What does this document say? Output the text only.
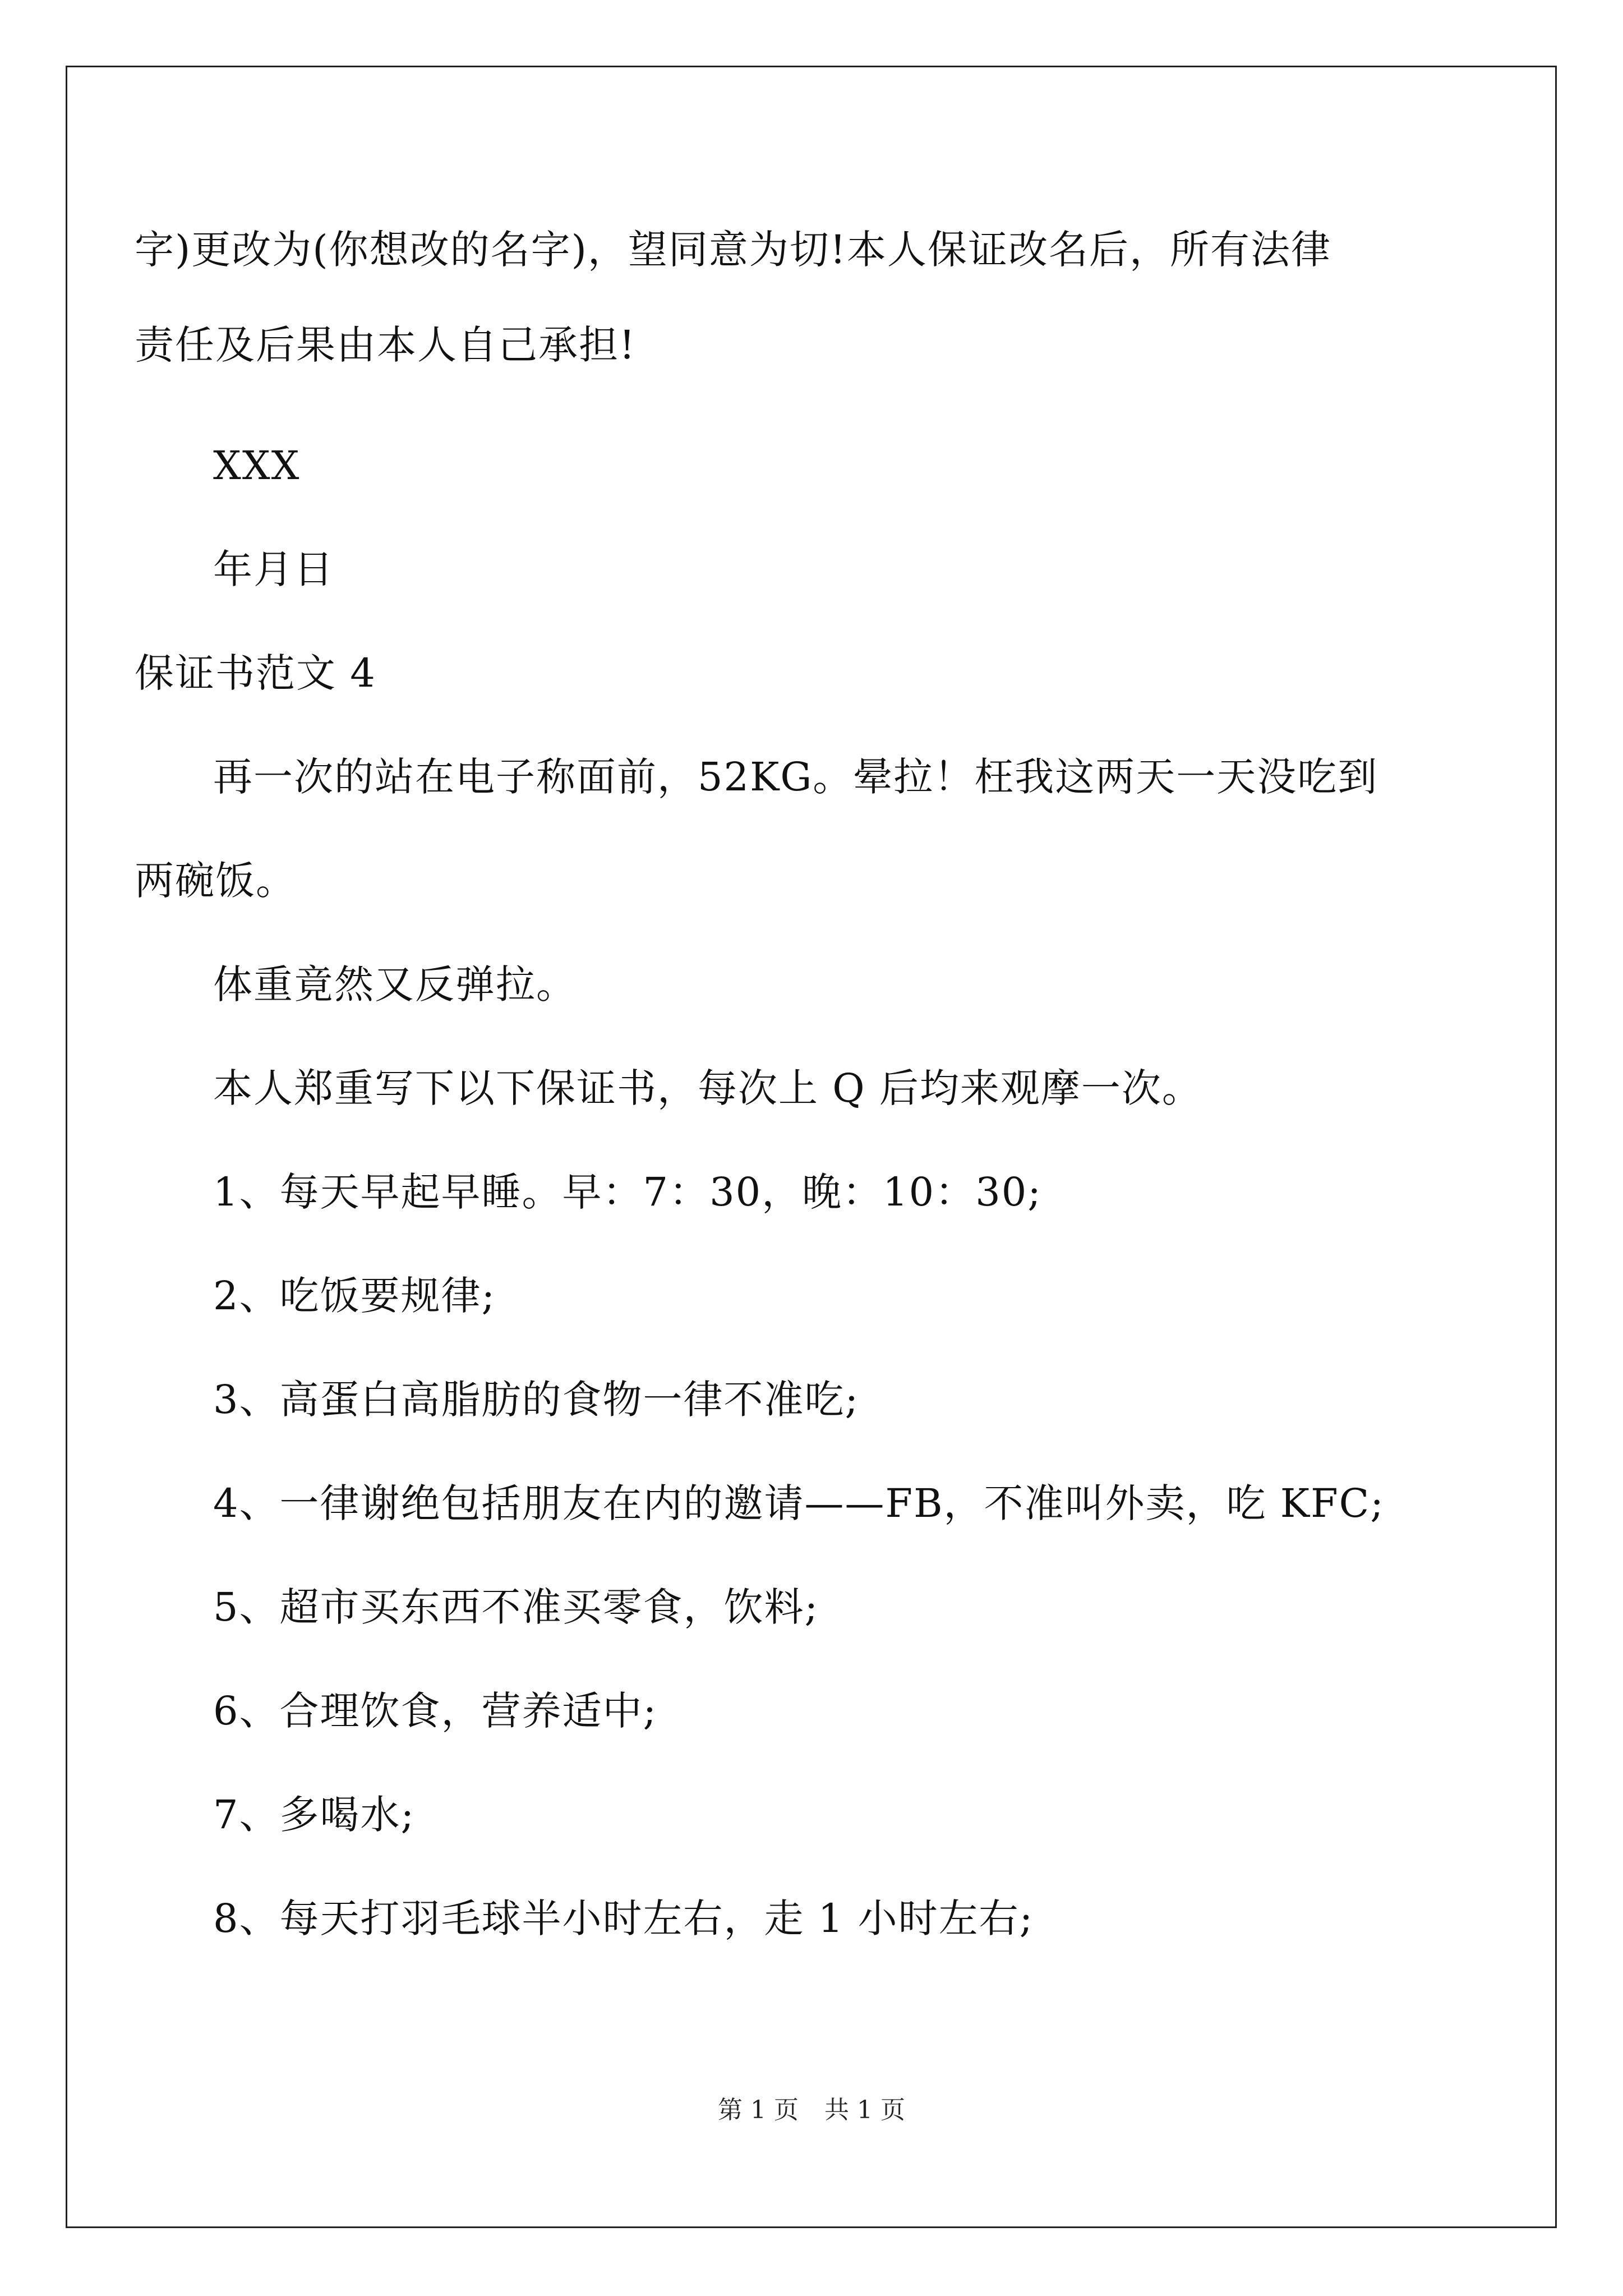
字)更改为(你想改的名字)，望同意为切!本人保证改名后，所有法律
责任及后果由本人自己承担!
XXX
年月日
保证书范文 4
再一次的站在电子称面前，52KG。晕拉！枉我这两天一天没吃到
两碗饭。
体重竟然又反弹拉。
本人郑重写下以下保证书，每次上 Q 后均来观摩一次。
1、每天早起早睡。早：7：30，晚：10：30;
2、吃饭要规律;
3、高蛋白高脂肪的食物一律不准吃;
4、一律谢绝包括朋友在内的邀请——FB，不准叫外卖，吃 KFC;
5、超市买东西不准买零食，饮料;
6、合理饮食，营养适中;
7、多喝水;
8、每天打羽毛球半小时左右，走 1 小时左右;
第 1 页 共 1 页
